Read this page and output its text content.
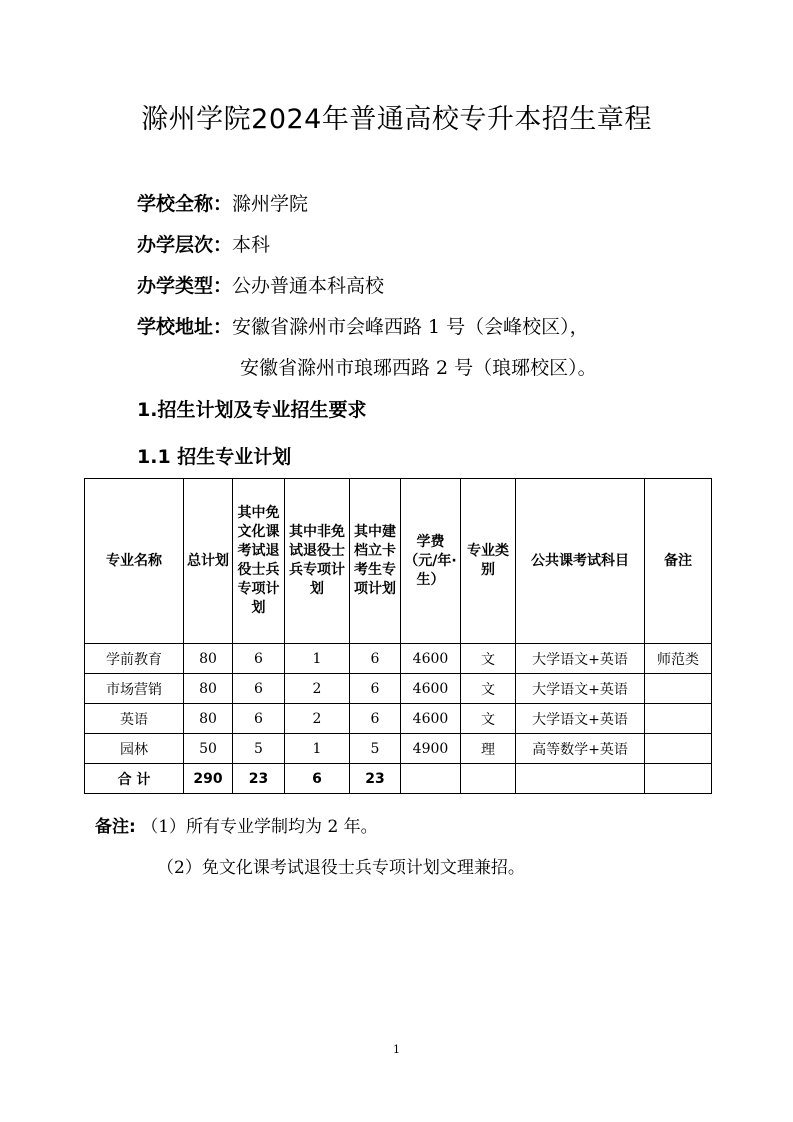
滁州学院2024年普通高校专升本招生章程
学校全称：滁州学院
办学层次：本科
办学类型：公办普通本科高校
学校地址：安徽省滁州市会峰西路 1 号（会峰校区），
安徽省滁州市琅琊西路 2 号（琅琊校区）。
1.招生计划及专业招生要求
1.1 招生专业计划
专业名称	总计划	其中免文化课考试退役士兵专项计划	其中非免试退役士兵专项计划	其中建档立卡考生专项计划	学费（元/年·生）	专业类别	公共课考试科目	备注
学前教育	80	6	1	6	4600	文	大学语文+英语	师范类
市场营销	80	6	2	6	4600	文	大学语文+英语	
英语	80	6	2	6	4600	文	大学语文+英语	
园林	50	5	1	5	4900	理	高等数学+英语	
合 计	290	23	6	23				
备注: （1）所有专业学制均为 2 年。
（2）免文化课考试退役士兵专项计划文理兼招。
1
